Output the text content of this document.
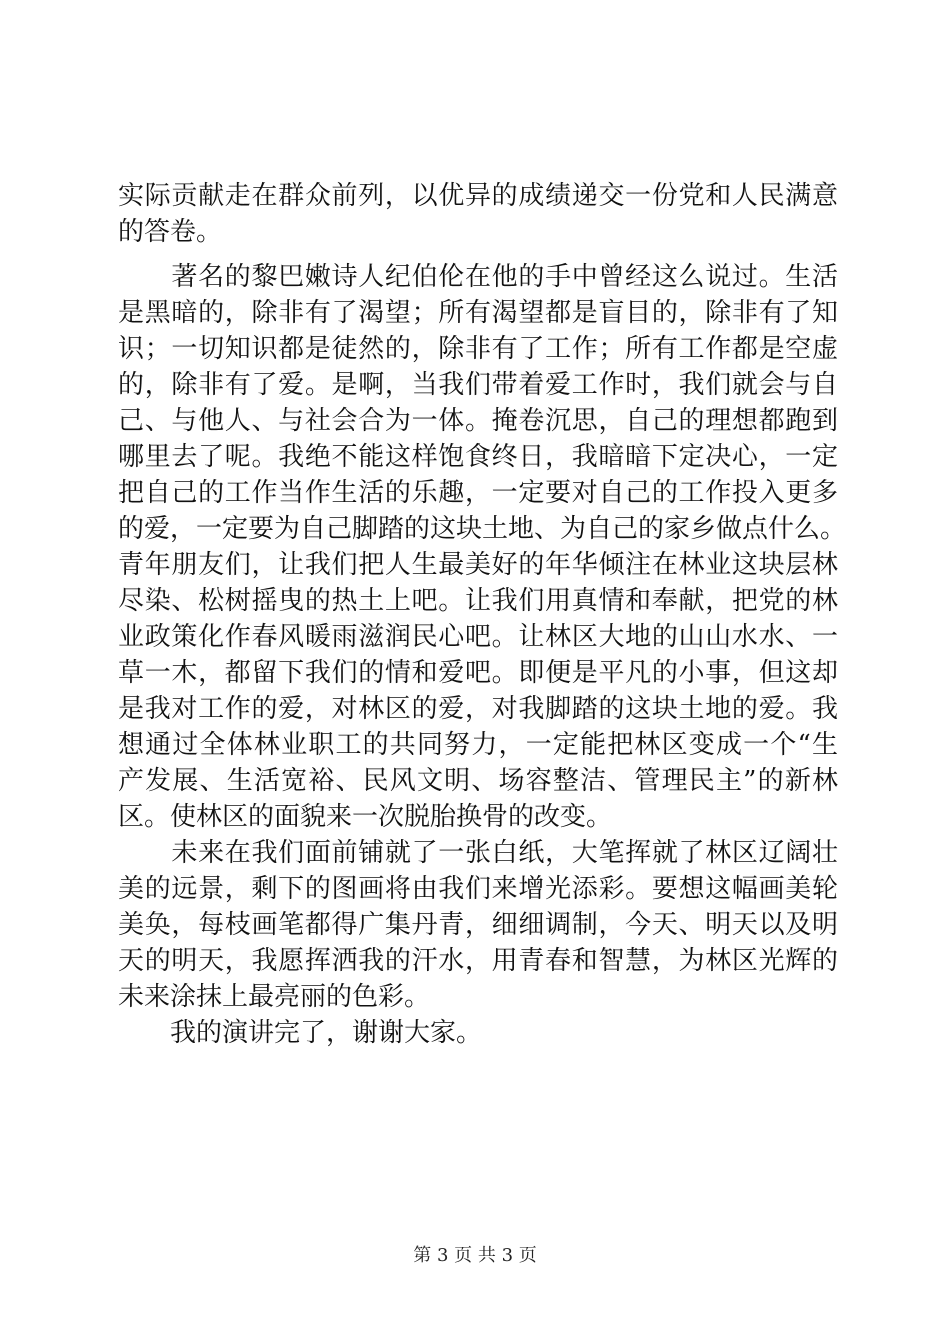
实际贡献走在群众前列，以优异的成绩递交一份党和人民满意
的答卷。
　　著名的黎巴嫩诗人纪伯伦在他的手中曾经这么说过。生活
是黑暗的，除非有了渴望；所有渴望都是盲目的，除非有了知
识；一切知识都是徒然的，除非有了工作；所有工作都是空虚
的，除非有了爱。是啊，当我们带着爱工作时，我们就会与自
己、与他人、与社会合为一体。掩卷沉思，自己的理想都跑到
哪里去了呢。我绝不能这样饱食终日，我暗暗下定决心，一定
把自己的工作当作生活的乐趣，一定要对自己的工作投入更多
的爱，一定要为自己脚踏的这块土地、为自己的家乡做点什么。
青年朋友们，让我们把人生最美好的年华倾注在林业这块层林
尽染、松树摇曳的热土上吧。让我们用真情和奉献，把党的林
业政策化作春风暖雨滋润民心吧。让林区大地的山山水水、一
草一木，都留下我们的情和爱吧。即便是平凡的小事，但这却
是我对工作的爱，对林区的爱，对我脚踏的这块土地的爱。我
想通过全体林业职工的共同努力，一定能把林区变成一个“生
产发展、生活宽裕、民风文明、场容整洁、管理民主”的新林
区。使林区的面貌来一次脱胎换骨的改变。
　　未来在我们面前铺就了一张白纸，大笔挥就了林区辽阔壮
美的远景，剩下的图画将由我们来增光添彩。要想这幅画美轮
美奂，每枝画笔都得广集丹青，细细调制，今天、明天以及明
天的明天，我愿挥洒我的汗水，用青春和智慧，为林区光辉的
未来涂抹上最亮丽的色彩。
　　我的演讲完了，谢谢大家。
第 3 页 共 3 页
